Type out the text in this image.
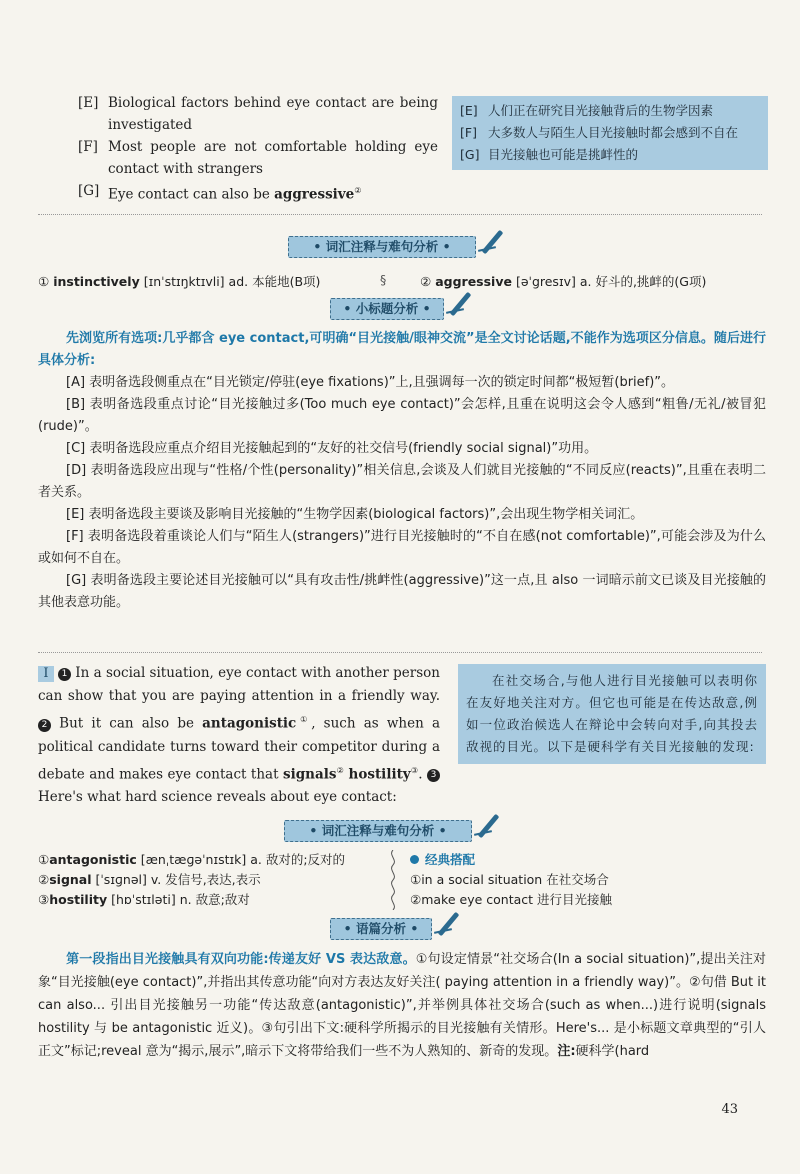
[E] Biological factors behind eye contact are being investigated
[F] Most people are not comfortable holding eye contact with strangers
[G] Eye contact can also be aggressive②
[E] 人们正在研究目光接触背后的生物学因素
[F] 大多数人与陌生人目光接触时都会感到不自在
[G] 目光接触也可能是挑衅性的
• 词汇注释与难句分析 •
① instinctively [ɪnˈstɪŋktɪvli] ad. 本能地(B项)	§	② aggressive [əˈgresɪv] a. 好斗的,挑衅的(G项)
• 小标题分析 •
先浏览所有选项:几乎都含 eye contact,可明确“目光接触/眼神交流”是全文讨论话题,不能作为选项区分信息。随后进行具体分析:

[A] 表明备选段侧重点在“目光锁定/停驻(eye fixations)”上,且强调每一次的锁定时间都“极短暂(brief)”。

[B] 表明备选段重点讨论“目光接触过多(Too much eye contact)”会怎样,且重在说明这会令人感到“粗鲁/无礼/被冒犯(rude)”。

[C] 表明备选段应重点介绍目光接触起到的“友好的社交信号(friendly social signal)”功用。

[D] 表明备选段应出现与“性格/个性(personality)”相关信息,会谈及人们就目光接触的“不同反应(reacts)”,且重在表明二者关系。

[E] 表明备选段主要谈及影响目光接触的“生物学因素(biological factors)”,会出现生物学相关词汇。

[F] 表明备选段着重谈论人们与“陌生人(strangers)”进行目光接触时的“不自在感(not comfortable)”,可能会涉及为什么或如何不自在。

[G] 表明备选段主要论述目光接触可以“具有攻击性/挑衅性(aggressive)”这一点,且 also 一词暗示前文已谈及目光接触的其他表意功能。

I 1 In a social situation, eye contact with another person can show that you are paying attention in a friendly way. 2 But it can also be antagonistic①, such as when a political candidate turns toward their competitor during a debate and makes eye contact that signals② hostility③. 3Here's what hard science reveals about eye contact:
在社交场合,与他人进行目光接触可以表明你在友好地关注对方。但它也可能是在传达敌意,例如一位政治候选人在辩论中会转向对手,向其投去敌视的目光。以下是硬科学有关目光接触的发现:
• 词汇注释与难句分析 •
①antagonistic [ænˌtæɡəˈnɪstɪk] a. 敌对的;反对的
②signal [ˈsɪɡnəl] v. 发信号,表达,表示
③hostility [hɒˈstɪləti] n. 敌意;敌对
经典搭配
①in a social situation 在社交场合
②make eye contact 进行目光接触
• 语篇分析 •
第一段指出目光接触具有双向功能:传递友好 VS 表达敌意。①句设定情景“社交场合(In a social situation)”,提出关注对象“目光接触(eye contact)”,并指出其传意功能“向对方表达友好关注( paying attention in a friendly way)”。②句借 But it can also... 引出目光接触另一功能“传达敌意(antagonistic)”,并举例具体社交场合(such as when...)进行说明(signals hostility 与 be antagonistic 近义)。③句引出下文:硬科学所揭示的目光接触有关情形。Here's... 是小标题文章典型的“引人正文”标记;reveal 意为“揭示,展示”,暗示下文将带给我们一些不为人熟知的、新奇的发现。注:硬科学(hard
43
